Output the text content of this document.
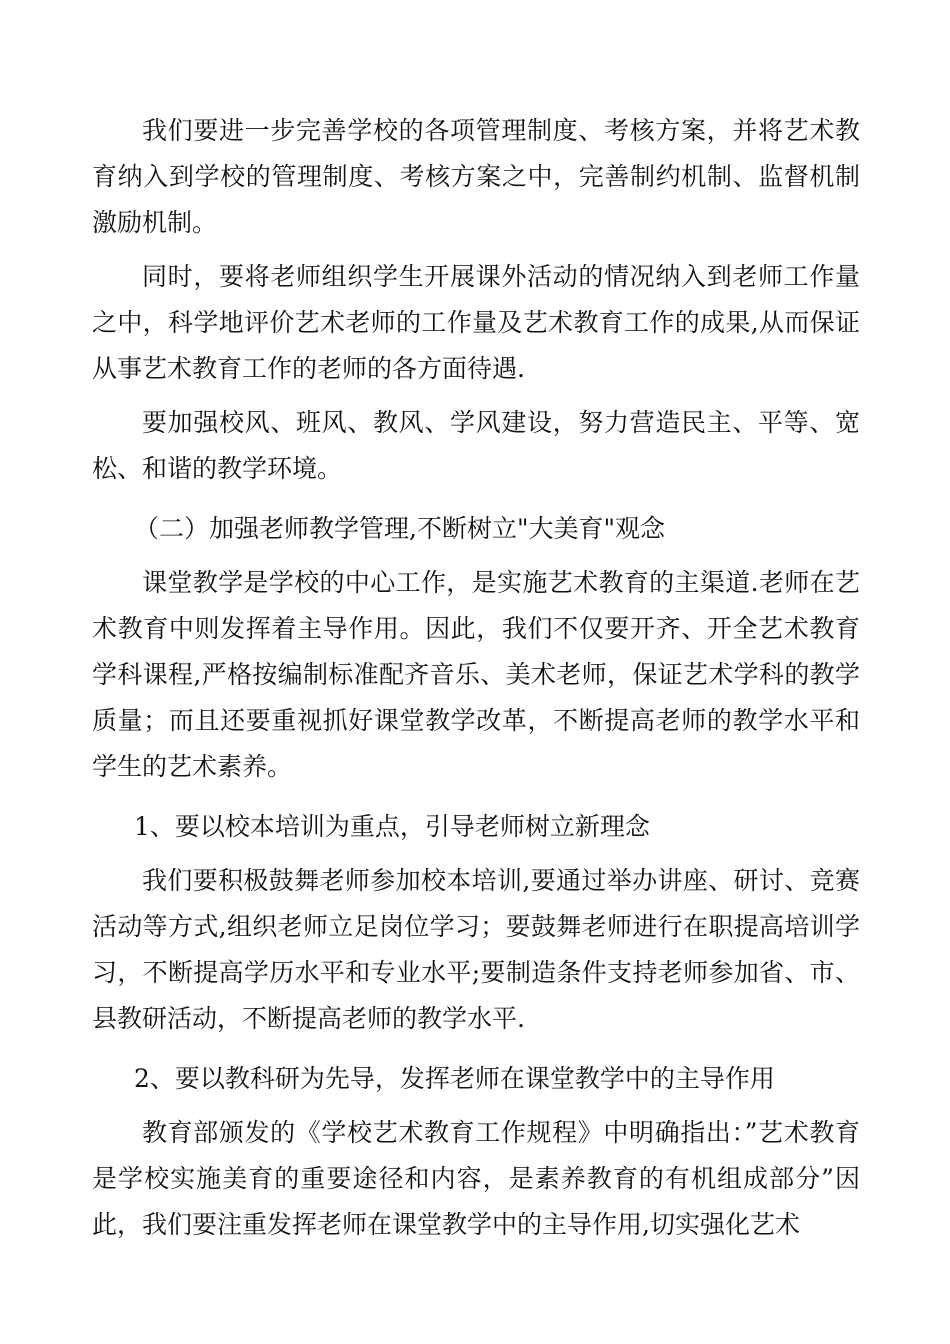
我们要进一步完善学校的各项管理制度、考核方案，并将艺术教育纳入到学校的管理制度、考核方案之中，完善制约机制、监督机制激励机制。

同时，要将老师组织学生开展课外活动的情况纳入到老师工作量之中，科学地评价艺术老师的工作量及艺术教育工作的成果,从而保证从事艺术教育工作的老师的各方面待遇.

要加强校风、班风、教风、学风建设，努力营造民主、平等、宽松、和谐的教学环境。

（二）加强老师教学管理,不断树立"大美育"观念

课堂教学是学校的中心工作，是实施艺术教育的主渠道.老师在艺术教育中则发挥着主导作用。因此，我们不仅要开齐、开全艺术教育学科课程,严格按编制标准配齐音乐、美术老师，保证艺术学科的教学质量；而且还要重视抓好课堂教学改革，不断提高老师的教学水平和学生的艺术素养。

1、要以校本培训为重点，引导老师树立新理念

我们要积极鼓舞老师参加校本培训,要通过举办讲座、研讨、竞赛活动等方式,组织老师立足岗位学习；要鼓舞老师进行在职提高培训学习，不断提高学历水平和专业水平;要制造条件支持老师参加省、市、县教研活动，不断提高老师的教学水平.

2、要以教科研为先导，发挥老师在课堂教学中的主导作用

教育部颁发的《学校艺术教育工作规程》中明确指出：”艺术教育是学校实施美育的重要途径和内容，是素养教育的有机组成部分”因此，我们要注重发挥老师在课堂教学中的主导作用,切实强化艺术
